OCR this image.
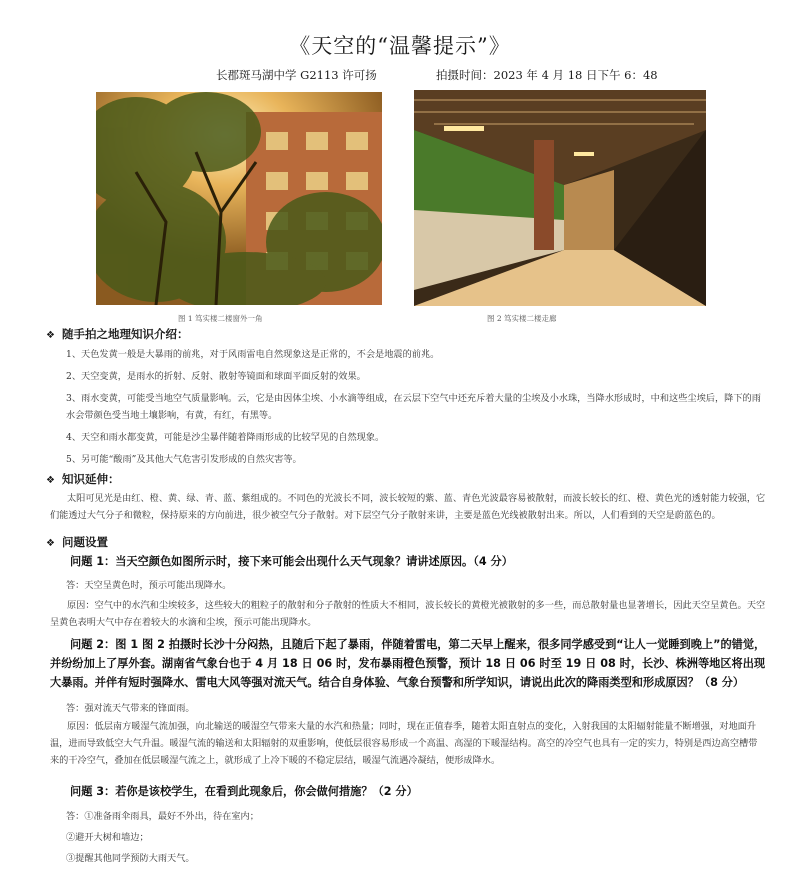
《天空的“温馨提示”》
长郡斑马湖中学 G2113 许可扬	拍摄时间：2023 年 4 月 18 日下午 6：48
图 1 笃实楼二楼窗外一角	图 2 笃实楼二楼走廊
❖ 随手拍之地理知识介绍：
1、天色发黄一般是大暴雨的前兆，对于风雨雷电自然现象这是正常的，不会是地震的前兆。
2、天空变黄，是雨水的折射、反射、散射等镜面和球面平面反射的效果。
3、雨水变黄，可能受当地空气质量影响。云，它是由因体尘埃、小水滴等组成，在云层下空气中还充斥着大量的尘埃及小水珠，当降水形成时，中和这些尘埃后，降下的雨水会带颜色受当地土壤影响，有黄，有红，有黑等。
4、天空和雨水都变黄，可能是沙尘暴伴随着降雨形成的比较罕见的自然现象。
5、另可能“酸雨”及其他大气危害引发形成的自然灾害等。
❖ 知识延伸：
太阳可见光是由红、橙、黄、绿、青、蓝、紫组成的。不同色的光波长不同，波长较短的紫、蓝、青色光波最容易被散射，而波长较长的红、橙、黄色光的透射能力较强，它们能透过大气分子和微粒，保持原来的方向前进，很少被空气分子散射。对下层空气分子散射来讲，主要是蓝色光线被散射出来。所以，人们看到的天空是蔚蓝色的。
❖ 问题设置
问题 1：当天空颜色如图所示时，接下来可能会出现什么天气现象？请讲述原因。（4 分）
答：天空呈黄色时，预示可能出现降水。
原因：空气中的水汽和尘埃较多，这些较大的粗粒子的散射和分子散射的性质大不相同，波长较长的黄橙光被散射的多一些，而总散射量也显著增长，因此天空呈黄色。天空呈黄色表明大气中存在着较大的水滴和尘埃，预示可能出现降水。
问题 2：图 1 图 2 拍摄时长沙十分闷热，且随后下起了暴雨，伴随着雷电，第二天早上醒来，很多同学感受到“让人一觉睡到晚上”的错觉，并纷纷加上了厚外套。湖南省气象台也于 4 月 18 日 06 时，发布暴雨橙色预警，预计 18 日 06 时至 19 日 08 时，长沙、株洲等地区将出现大暴雨。并伴有短时强降水、雷电大风等强对流天气。结合自身体验、气象台预警和所学知识，请说出此次的降雨类型和形成原因？（8 分）
答：强对流天气带来的锋面雨。
原因：低层南方暖湿气流加强，向北输送的暖湿空气带来大量的水汽和热量；同时，现在正值春季，随着太阳直射点的变化，入射我国的太阳辐射能量不断增强，对地面升温，进而导致低空大气升温。暖湿气流的输送和太阳辐射的双重影响，使低层很容易形成一个高温、高湿的下暖湿结构。高空的冷空气也具有一定的实力，特别是西边高空槽带来的干冷空气，叠加在低层暖湿气流之上，就形成了上冷下暖的不稳定层结，暖湿气流遇冷凝结，便形成降水。
问题 3：若你是该校学生，在看到此现象后，你会做何措施？（2 分）
答：①准备雨伞雨具，最好不外出，待在室内；
②避开大树和墙边；
③提醒其他同学预防大雨天气。
